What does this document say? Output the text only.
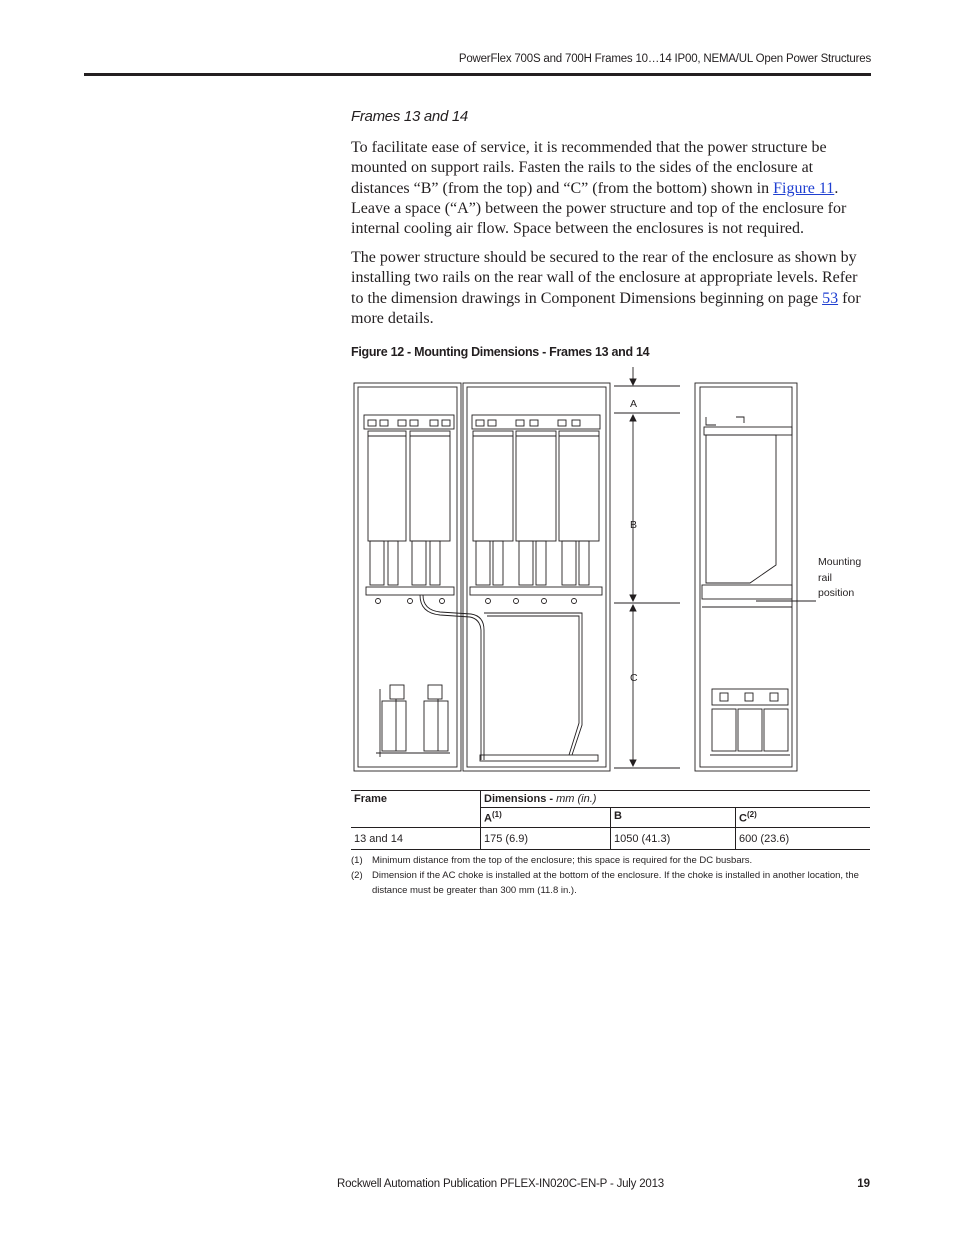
PowerFlex 700S and 700H Frames 10…14 IP00, NEMA/UL Open Power Structures
Frames 13 and 14

To facilitate ease of service, it is recommended that the power structure be mounted on support rails. Fasten the rails to the sides of the enclosure at distances “B” (from the top) and “C” (from the bottom) shown in Figure 11. Leave a space (“A”) between the power structure and top of the enclosure for internal cooling air flow. Space between the enclosures is not required.

The power structure should be secured to the rear of the enclosure as shown by installing two rails on the rear wall of the enclosure at appropriate levels. Refer to the dimension drawings in Component Dimensions beginning on page 53 for more details.

Figure 12 - Mounting Dimensions - Frames 13 and 14
A
B
C
Mounting
rail
position
Frame	Dimensions - mm (in.)		
	$A^{(1)}$	B	$C^{(2)}$
13 and 14	175 (6.9)	1050 (41.3)	600 (23.6)
(1) Minimum distance from the top of the enclosure; this space is required for the DC busbars.
(2) Dimension if the AC choke is installed at the bottom of the enclosure. If the choke is installed in another location, the distance must be greater than 300 mm (11.8 in.).
Rockwell Automation Publication PFLEX-IN020C-EN-P - July 2013	19
